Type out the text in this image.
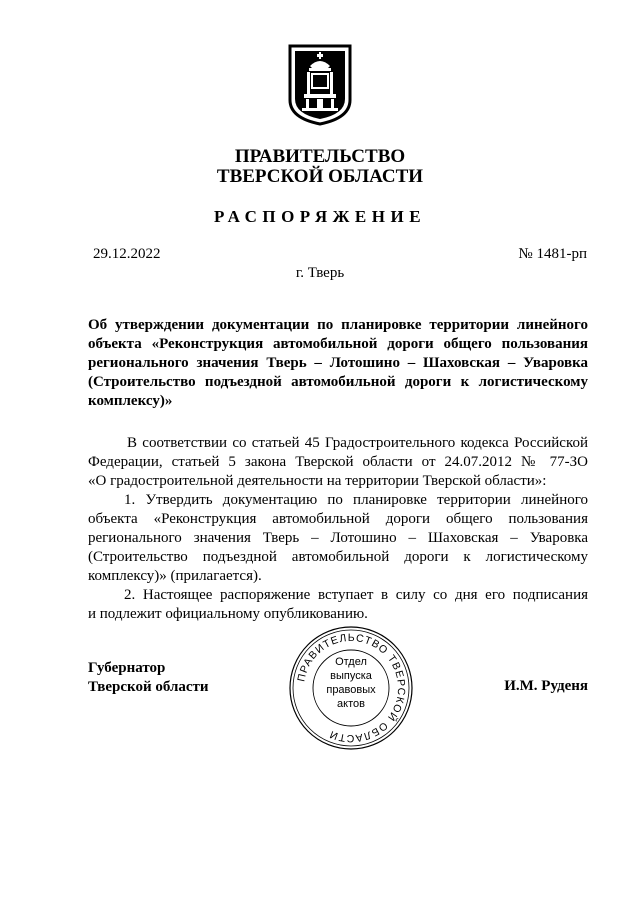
ПРАВИТЕЛЬСТВО
ТВЕРСКОЙ ОБЛАСТИ
РАСПОРЯЖЕНИЕ
29.12.2022	№ 1481-рп
г. Тверь
Об утверждении документации по планировке территории линейного
объекта «Реконструкция автомобильной дороги общего пользования
регионального значения Тверь – Лотошино – Шаховская – Уваровка
(Строительство подъездной автомобильной дороги к логистическому
комплексу)»
В соответствии со статьей 45 Градостроительного кодекса Российской
Федерации, статьей 5 закона Тверской области от 24.07.2012 № 77-ЗО
«О градостроительной деятельности на территории Тверской области»:
1. Утвердить документацию по планировке территории линейного
объекта «Реконструкция автомобильной дороги общего пользования
регионального значения Тверь – Лотошино – Шаховская – Уваровка
(Строительство подъездной автомобильной дороги к логистическому
комплексу)» (прилагается).
2. Настоящее распоряжение вступает в силу со дня его подписания
и подлежит официальному опубликованию.
Губернатор
Тверской области	И.М. Руденя
ПРАВИТЕЛЬСТВО ТВЕРСКОЙ ОБЛАСТИ
Отдел
выпуска
правовых
актов
